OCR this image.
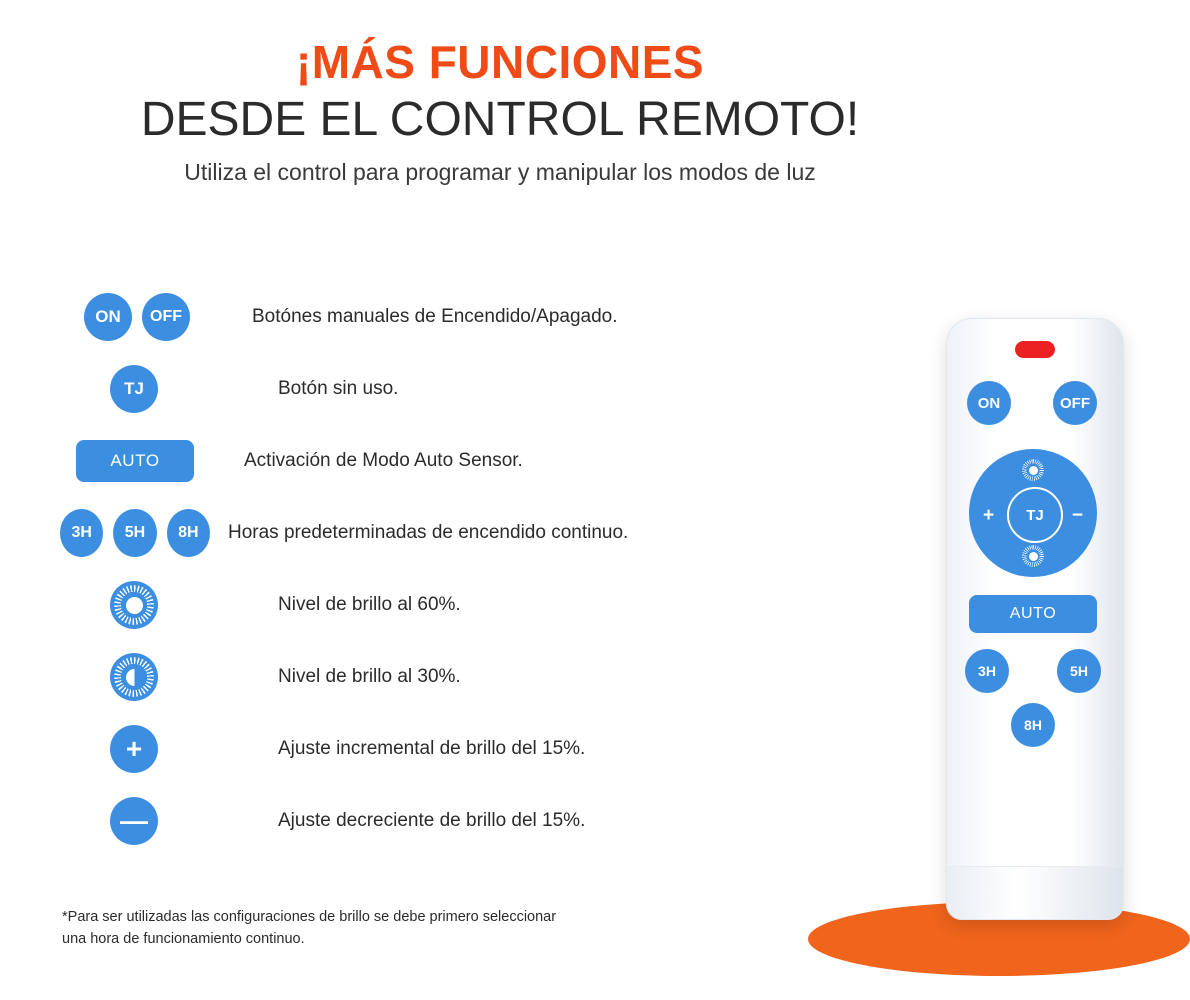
¡MÁS FUNCIONES
DESDE EL CONTROL REMOTO!
Utiliza el control para programar y manipular los modos de luz
ON	OFF	Botónes manuales de Encendido/Apagado.
TJ	Botón sin uso.
AUTO	Activación de Modo Auto Sensor.
3H	5H	8H	Horas predeterminadas de encendido continuo.
Nivel de brillo al 60%.
Nivel de brillo al 30%.
+	Ajuste incremental de brillo del 15%.
—	Ajuste decreciente de brillo del 15%.
*Para ser utilizadas las configuraciones de brillo se debe primero seleccionar una hora de funcionamiento continuo.
ON	OFF
+	−
TJ
AUTO
3H	5H
8H
